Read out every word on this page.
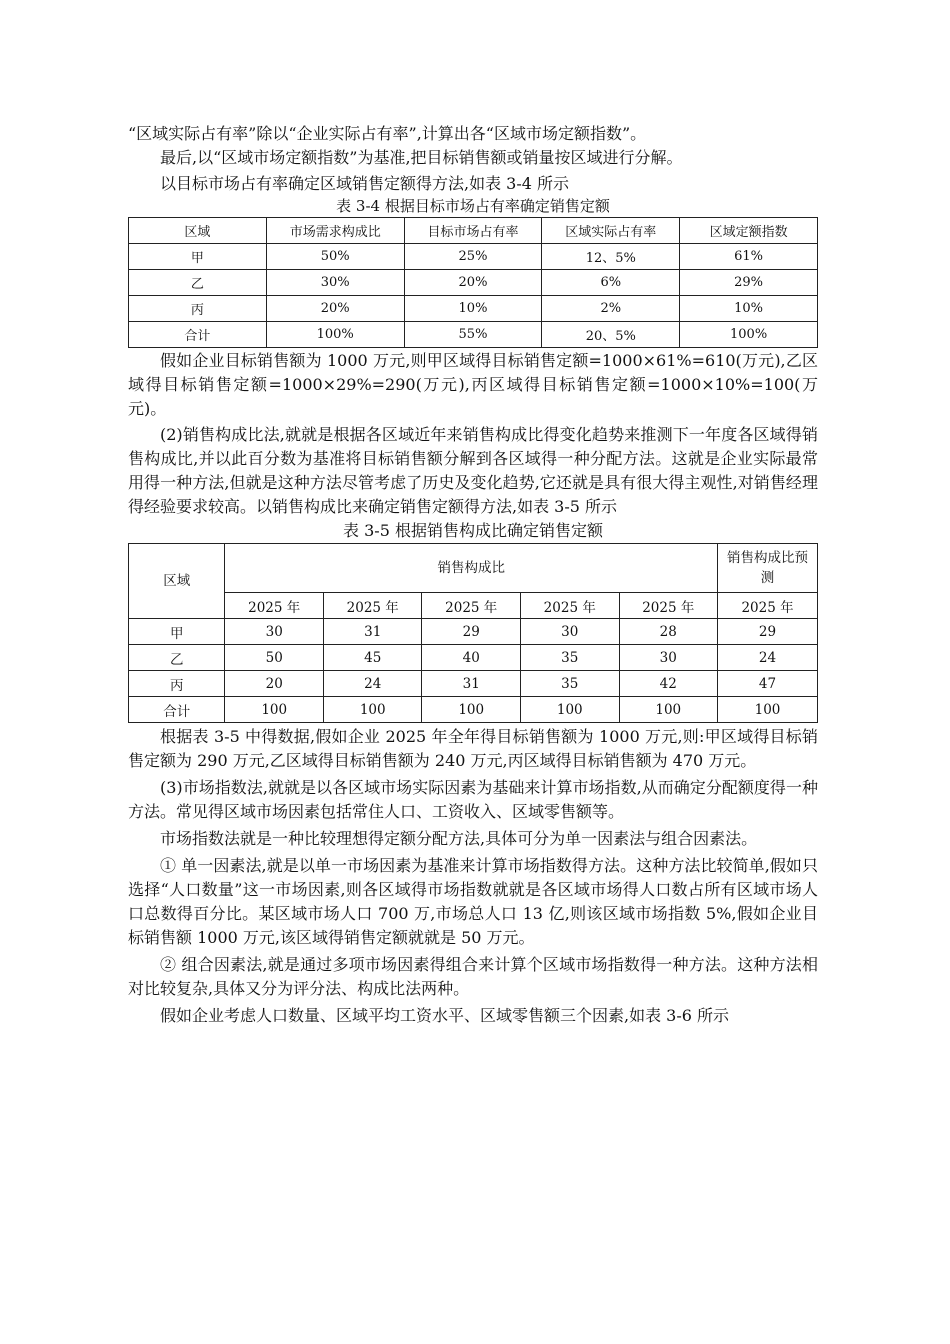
“区域实际占有率”除以“企业实际占有率”,计算出各“区域市场定额指数”。

最后,以“区域市场定额指数”为基准,把目标销售额或销量按区域进行分解。

以目标市场占有率确定区域销售定额得方法,如表 3-4 所示

表 3-4 根据目标市场占有率确定销售定额
区域	市场需求构成比	目标市场占有率	区域实际占有率	区域定额指数
甲	50%	25%	12、5%	61%
乙	30%	20%	6%	29%
丙	20%	10%	2%	10%
合计	100%	55%	20、5%	100%

假如企业目标销售额为 1000 万元,则甲区域得目标销售定额=1000×61%=610(万元),乙区域得目标销售定额=1000×29%=290(万元),丙区域得目标销售定额=1000×10%=100(万元)。

(2)销售构成比法,就就是根据各区域近年来销售构成比得变化趋势来推测下一年度各区域得销售构成比,并以此百分数为基准将目标销售额分解到各区域得一种分配方法。这就是企业实际最常用得一种方法,但就是这种方法尽管考虑了历史及变化趋势,它还就是具有很大得主观性,对销售经理得经验要求较高。以销售构成比来确定销售定额得方法,如表 3-5 所示

表 3-5 根据销售构成比确定销售定额
区域	销售构成比					销售构成比预测
	2025 年	2025 年	2025 年	2025 年	2025 年	2025 年
甲	30	31	29	30	28	29
乙	50	45	40	35	30	24
丙	20	24	31	35	42	47
合计	100	100	100	100	100	100

根据表 3-5 中得数据,假如企业 2025 年全年得目标销售额为 1000 万元,则:甲区域得目标销售定额为 290 万元,乙区域得目标销售额为 240 万元,丙区域得目标销售额为 470 万元。

(3)市场指数法,就就是以各区域市场实际因素为基础来计算市场指数,从而确定分配额度得一种方法。常见得区域市场因素包括常住人口、工资收入、区域零售额等。

市场指数法就是一种比较理想得定额分配方法,具体可分为单一因素法与组合因素法。

① 单一因素法,就是以单一市场因素为基准来计算市场指数得方法。这种方法比较简单,假如只选择“人口数量”这一市场因素,则各区域得市场指数就就是各区域市场得人口数占所有区域市场人口总数得百分比。某区域市场人口 700 万,市场总人口 13 亿,则该区域市场指数 5%,假如企业目标销售额 1000 万元,该区域得销售定额就就是 50 万元。

② 组合因素法,就是通过多项市场因素得组合来计算个区域市场指数得一种方法。这种方法相对比较复杂,具体又分为评分法、构成比法两种。

假如企业考虑人口数量、区域平均工资水平、区域零售额三个因素,如表 3-6 所示
